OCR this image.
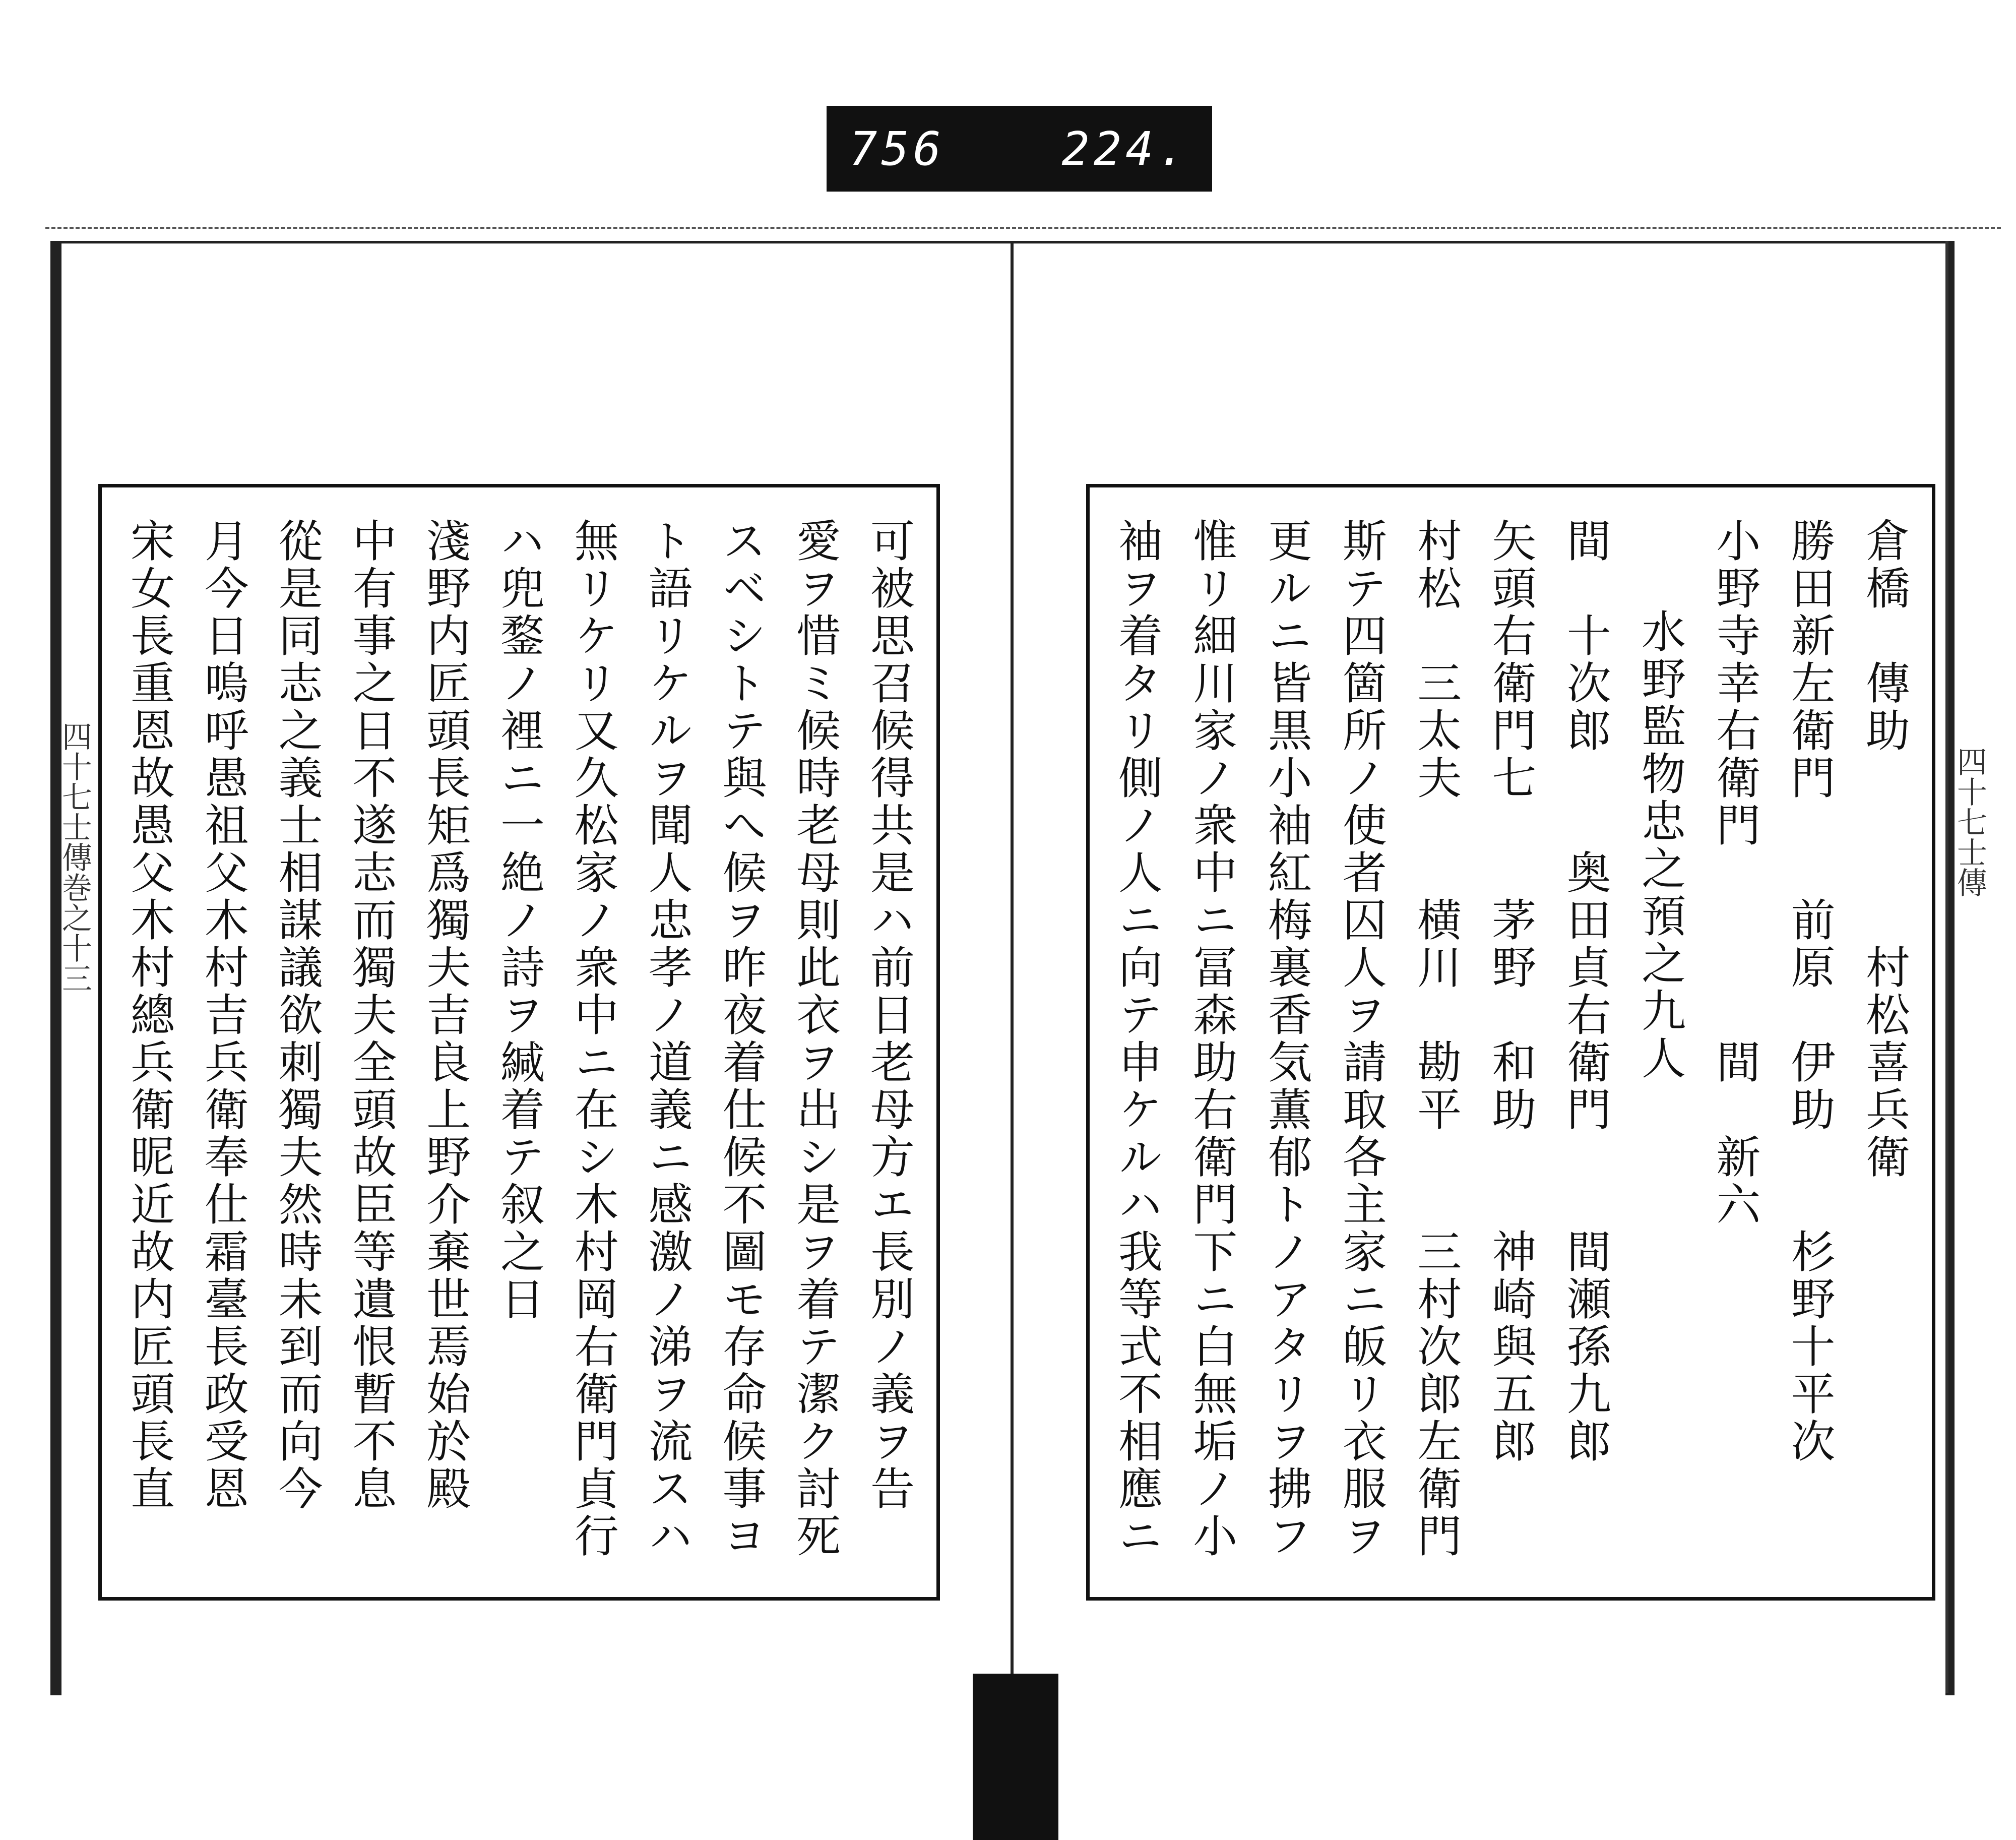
756	224.
四十七士傳巻之十三	四十七士傳
可被思召候得共是ハ前日老母方エ長別ノ義ヲ告
愛ヲ惜ミ候時老母則此衣ヲ出シ是ヲ着テ潔ク討死
スベシトテ與へ候ヲ昨夜着仕候不圖モ存命候事ヨ
ト語リケルヲ聞人忠孝ノ道義ニ感激ノ涕ヲ流スハ
無リケリ又久松家ノ衆中ニ在シ木村岡右衛門貞行
ハ兜鍪ノ裡ニ一絶ノ詩ヲ緘着テ叙之日
淺野内匠頭長矩爲獨夫吉良上野介棄世焉始於殿
中有事之日不遂志而獨夫全頭故臣等遺恨暫不息
從是同志之義士相謀議欲刺獨夫然時未到而向今
月今日嗚呼愚祖父木村吉兵衛奉仕霜臺長政受恩
宋女長重恩故愚父木村總兵衛昵近故内匠頭長直	倉橋　傳助　　　　村松喜兵衛
勝田新左衛門　　前原　伊助　　杉野十平次
小野寺幸右衛門　　　　間　新六
水野監物忠之預之九人
間　十次郎　　奥田貞右衛門　　間瀬孫九郎
矢頭右衛門七　　茅野　和助　　神崎與五郎
村松　三太夫　　横川　勘平　　三村次郎左衛門
斯テ四箇所ノ使者囚人ヲ請取各主家ニ皈リ衣服ヲ
更ルニ皆黒小袖紅梅裏香気薫郁トノアタリヲ拂フ
惟リ細川家ノ衆中ニ冨森助右衛門下ニ白無垢ノ小
袖ヲ着タリ側ノ人ニ向テ申ケルハ我等式不相應ニ
